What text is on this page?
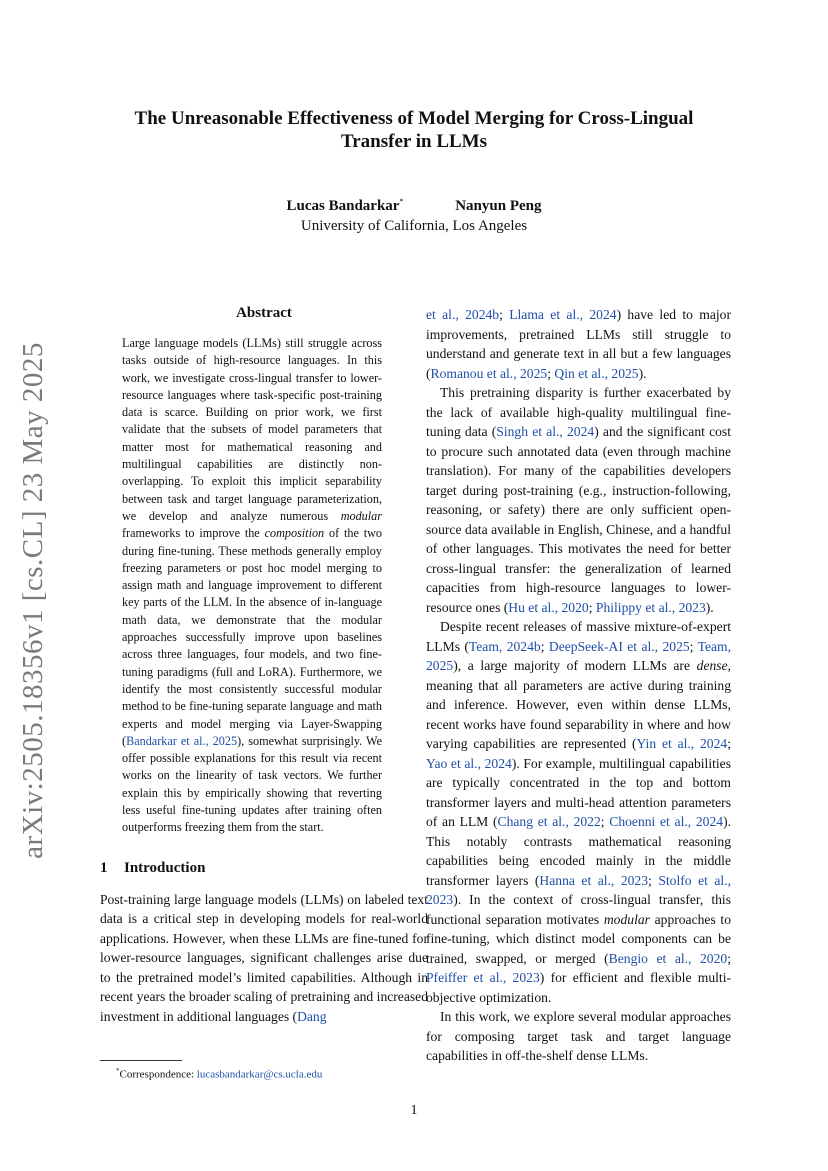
arXiv:2505.18356v1 [cs.CL] 23 May 2025
The Unreasonable Effectiveness of Model Merging for Cross-Lingual
Transfer in LLMs
Lucas Bandarkar*	Nanyun Peng
University of California, Los Angeles
Abstract

Large language models (LLMs) still struggle across tasks outside of high-resource languages. In this work, we investigate cross-lingual transfer to lower-resource languages where task-specific post-training data is scarce. Building on prior work, we first validate that the subsets of model parameters that matter most for mathematical reasoning and multilingual capabilities are distinctly non-overlapping. To exploit this implicit separability between task and target language parameterization, we develop and analyze numerous modular frameworks to improve the composition of the two during fine-tuning. These methods generally employ freezing parameters or post hoc model merging to assign math and language improvement to different key parts of the LLM. In the absence of in-language math data, we demonstrate that the modular approaches successfully improve upon baselines across three languages, four models, and two fine-tuning paradigms (full and LoRA). Furthermore, we identify the most consistently successful modular method to be fine-tuning separate language and math experts and model merging via Layer-Swapping (Bandarkar et al., 2025), somewhat surprisingly. We offer possible explanations for this result via recent works on the linearity of task vectors. We further explain this by empirically showing that reverting less useful fine-tuning updates after training often outperforms freezing them from the start.

1 Introduction

Post-training large language models (LLMs) on labeled text data is a critical step in developing models for real-world applications. However, when these LLMs are fine-tuned for lower-resource languages, significant challenges arise due to the pretrained model’s limited capabilities. Although in recent years the broader scaling of pretraining and increased investment in additional languages (Dang

et al., 2024b; Llama et al., 2024) have led to major improvements, pretrained LLMs still struggle to understand and generate text in all but a few languages (Romanou et al., 2025; Qin et al., 2025).

This pretraining disparity is further exacerbated by the lack of available high-quality multilingual fine-tuning data (Singh et al., 2024) and the significant cost to procure such annotated data (even through machine translation). For many of the capabilities developers target during post-training (e.g., instruction-following, reasoning, or safety) there are only sufficient open-source data available in English, Chinese, and a handful of other languages. This motivates the need for better cross-lingual transfer: the generalization of learned capacities from high-resource languages to lower-resource ones (Hu et al., 2020; Philippy et al., 2023).

Despite recent releases of massive mixture-of-expert LLMs (Team, 2024b; DeepSeek-AI et al., 2025; Team, 2025), a large majority of modern LLMs are dense, meaning that all parameters are active during training and inference. However, even within dense LLMs, recent works have found separability in where and how varying capabilities are represented (Yin et al., 2024; Yao et al., 2024). For example, multilingual capabilities are typically concentrated in the top and bottom transformer layers and multi-head attention parameters of an LLM (Chang et al., 2022; Choenni et al., 2024). This notably contrasts mathematical reasoning capabilities being encoded mainly in the middle transformer layers (Hanna et al., 2023; Stolfo et al., 2023). In the context of cross-lingual transfer, this functional separation motivates modular approaches to fine-tuning, which distinct model components can be trained, swapped, or merged (Bengio et al., 2020; Pfeiffer et al., 2023) for efficient and flexible multi-objective optimization.

In this work, we explore several modular approaches for composing target task and target language capabilities in off-the-shelf dense LLMs.

*Correspondence: lucasbandarkar@cs.ucla.edu
1
